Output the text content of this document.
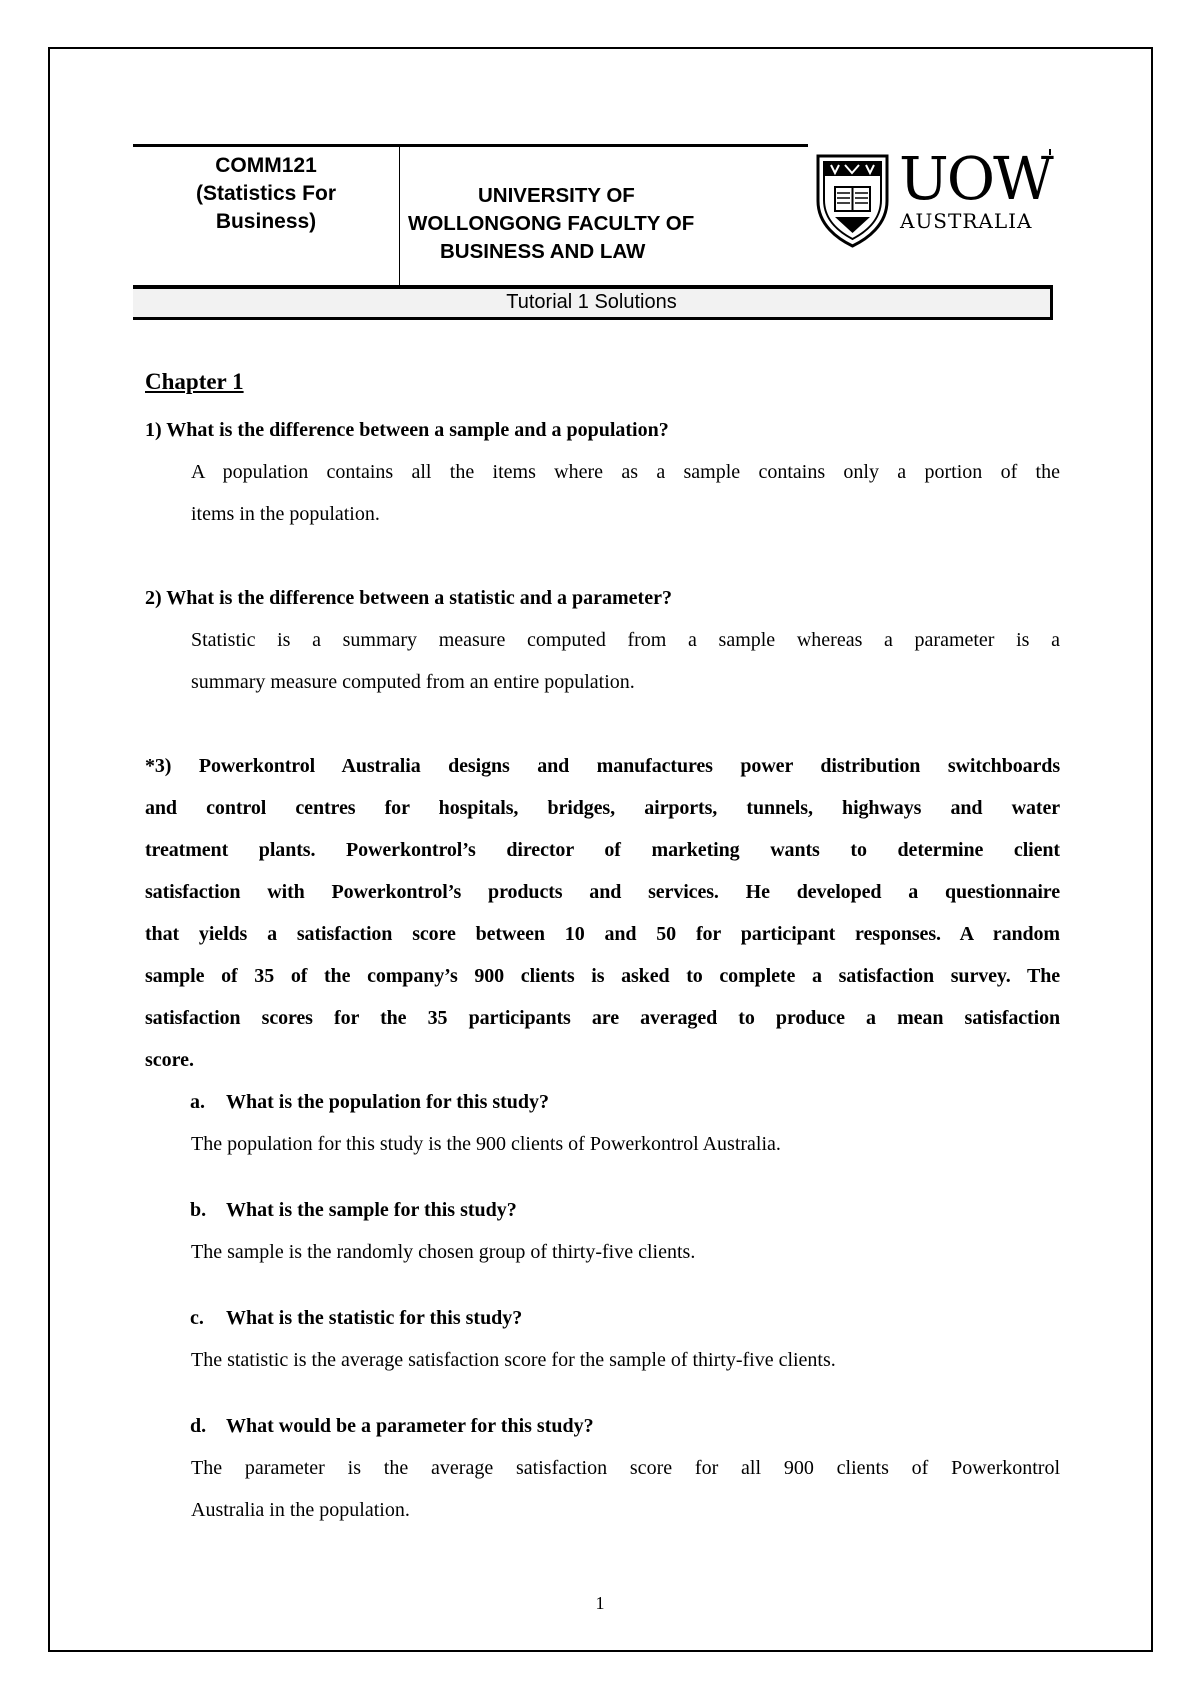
COMM121
(Statistics For
Business)
UNIVERSITY OF
WOLLONGONG FACULTY OF
BUSINESS AND LAW
UOW
AUSTRALIA
Tutorial 1 Solutions
Chapter 1
1) What is the difference between a sample and a population?
A population contains all the items where as a sample contains only a portion of the
items in the population.
2) What is the difference between a statistic and a parameter?
Statistic is a summary measure computed from a sample whereas a parameter is a
summary measure computed from an entire population.
*3) Powerkontrol Australia designs and manufactures power distribution switchboards
and control centres for hospitals, bridges, airports, tunnels, highways and water
treatment plants. Powerkontrol’s director of marketing wants to determine client
satisfaction with Powerkontrol’s products and services. He developed a questionnaire
that yields a satisfaction score between 10 and 50 for participant responses. A random
sample of 35 of the company’s 900 clients is asked to complete a satisfaction survey. The
satisfaction scores for the 35 participants are averaged to produce a mean satisfaction
score.
a. What is the population for this study?
The population for this study is the 900 clients of Powerkontrol Australia.
b. What is the sample for this study?
The sample is the randomly chosen group of thirty-five clients.
c. What is the statistic for this study?
The statistic is the average satisfaction score for the sample of thirty-five clients.
d. What would be a parameter for this study?
The parameter is the average satisfaction score for all 900 clients of Powerkontrol
Australia in the population.
1
